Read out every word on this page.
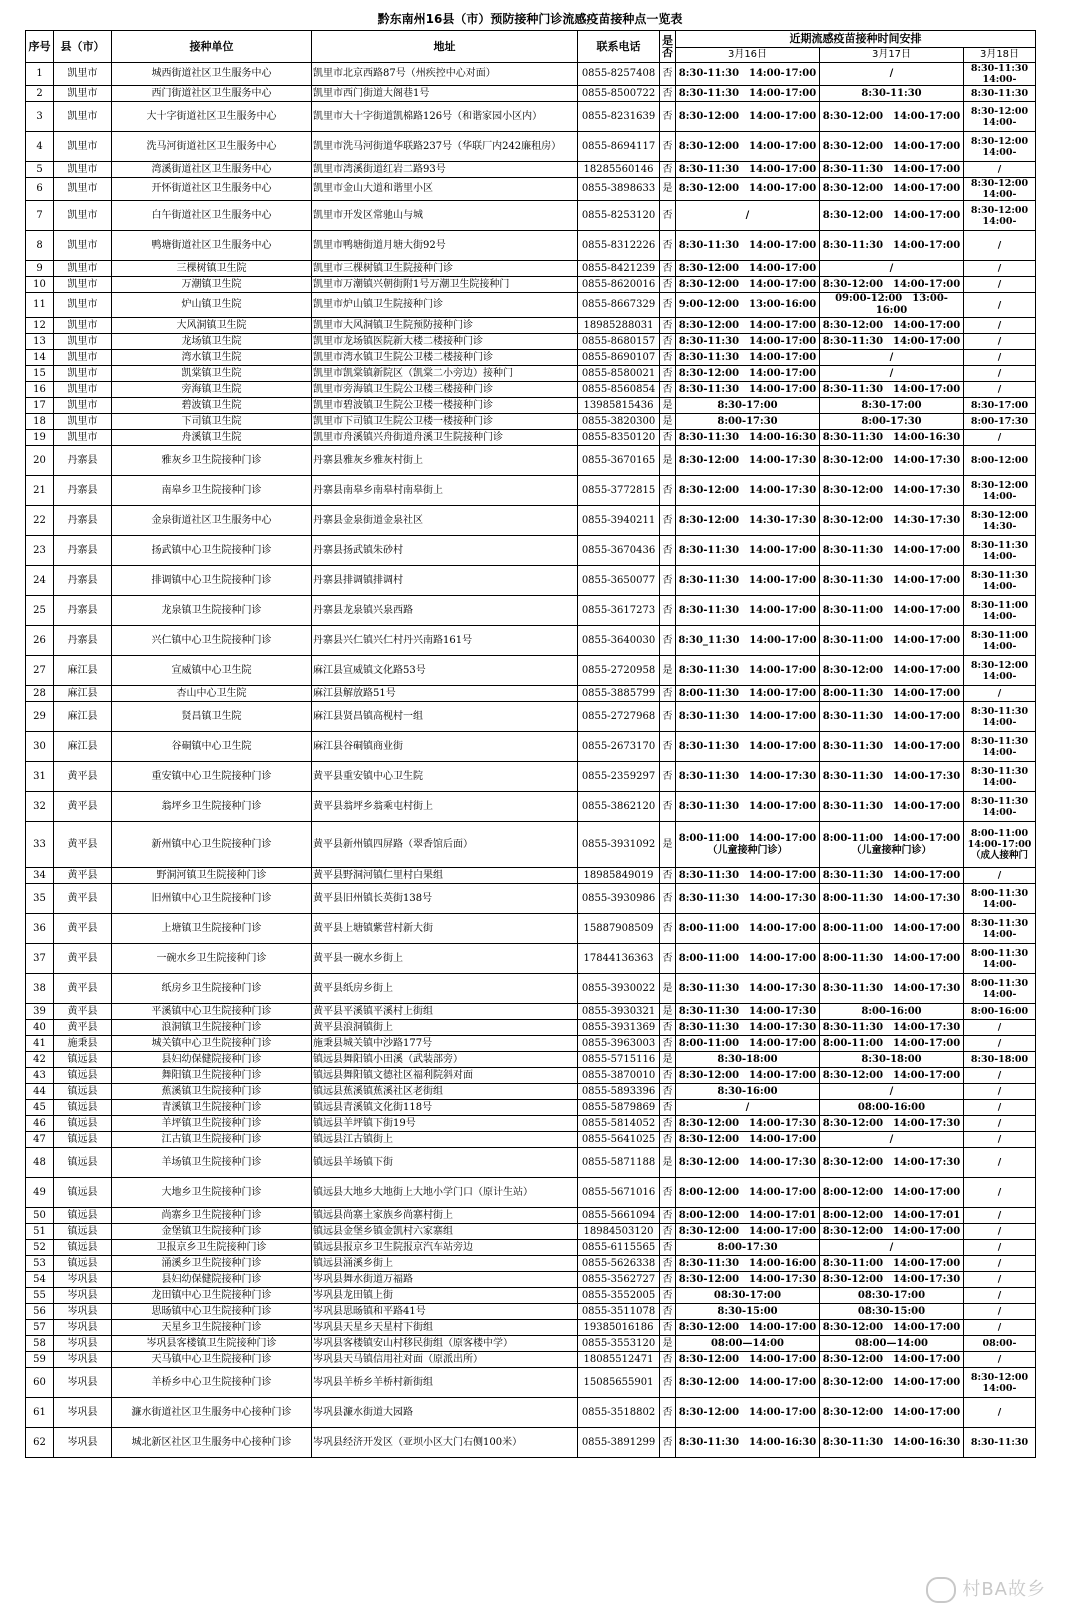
黔东南州16县（市）预防接种门诊流感疫苗接种点一览表
序号	县（市）	接种单位	地址	联系电话	是否	近期流感疫苗接种时间安排		
						3月16日	3月17日	3月18日
1	凯里市	城西街道社区卫生服务中心	凯里市北京西路87号（州疾控中心对面）	0855-8257408	否	8:30-11:30　14:00-17:00	/	8:30-11:30 14:00-
2	凯里市	西门街道社区卫生服务中心	凯里市西门街道大阁巷1号	0855-8500722	否	8:30-11:30　14:00-17:00	8:30-11:30	8:30-11:30
3	凯里市	大十字街道社区卫生服务中心	凯里市大十字街道凯棉路126号（和谐家园小区内）	0855-8231639	否	8:30-12:00　14:00-17:00	8:30-12:00　14:00-17:00	8:30-12:00 14:00-
4	凯里市	洗马河街道社区卫生服务中心	凯里市洗马河街道华联路237号（华联厂内242廉租房）	0855-8694117	否	8:30-12:00　14:00-17:00	8:30-12:00　14:00-17:00	8:30-12:00 14:00-
5	凯里市	湾溪街道社区卫生服务中心	凯里市湾溪街道红岩二路93号	18285560146	否	8:30-11:30　14:00-17:00	8:30-11:30　14:00-17:00	/
6	凯里市	开怀街道社区卫生服务中心	凯里市金山大道和谐里小区	0855-3898633	是	8:30-12:00　14:00-17:00	8:30-12:00　14:00-17:00	8:30-12:00 14:00-
7	凯里市	白午街道社区卫生服务中心	凯里市开发区常驰山与城	0855-8253120	否	/	8:30-12:00　14:00-17:00	8:30-12:00 14:00-
8	凯里市	鸭塘街道社区卫生服务中心	凯里市鸭塘街道月塘大街92号	0855-8312226	否	8:30-11:30　14:00-17:00	8:30-11:30　14:00-17:00	/
9	凯里市	三棵树镇卫生院	凯里市三棵树镇卫生院接种门诊	0855-8421239	否	8:30-12:00　14:00-17:00	/	/
10	凯里市	万潮镇卫生院	凯里市万潮镇兴朝街附1号万潮卫生院接种门	0855-8620016	否	8:30-12:00　14:00-17:00	8:30-12:00　14:00-17:00	/
11	凯里市	炉山镇卫生院	凯里市炉山镇卫生院接种门诊	0855-8667329	否	9:00-12:00　13:00-16:00	09:00-12:00　13:00-16:00	/
12	凯里市	大风洞镇卫生院	凯里市大风洞镇卫生院预防接种门诊	18985288031	否	8:30-12:00　14:00-17:00	8:30-12:00　14:00-17:00	/
13	凯里市	龙场镇卫生院	凯里市龙场镇医院新大楼二楼接种门诊	0855-8680157	否	8:30-11:30　14:00-17:00	8:30-11:30　14:00-17:00	/
14	凯里市	湾水镇卫生院	凯里市湾水镇卫生院公卫楼二楼接种门诊	0855-8690107	否	8:30-11:30　14:00-17:00	/	/
15	凯里市	凯棠镇卫生院	凯里市凯棠镇新院区（凯棠二小旁边）接种门	0855-8580021	否	8:30-12:00　14:00-17:00	/	/
16	凯里市	旁海镇卫生院	凯里市旁海镇卫生院公卫楼三楼接种门诊	0855-8560854	否	8:30-11:30　14:00-17:00	8:30-11:30　14:00-17:00	/
17	凯里市	碧波镇卫生院	凯里市碧波镇卫生院公卫楼一楼接种门诊	13985815436	是	8:30-17:00	8:30-17:00	8:30-17:00
18	凯里市	下司镇卫生院	凯里市下司镇卫生院公卫楼一楼接种门诊	0855-3820300	是	8:00-17:30	8:00-17:30	8:00-17:30
19	凯里市	舟溪镇卫生院	凯里市舟溪镇兴舟街道舟溪卫生院接种门诊	0855-8350120	否	8:30-11:30　14:00-16:30	8:30-11:30　14:00-16:30	/
20	丹寨县	雅灰乡卫生院接种门诊	丹寨县雅灰乡雅灰村街上	0855-3670165	是	8:30-12:00　14:00-17:30	8:30-12:00　14:00-17:30	8:00-12:00
21	丹寨县	南皋乡卫生院接种门诊	丹寨县南皋乡南皋村南皋街上	0855-3772815	否	8:30-12:00　14:00-17:30	8:30-12:00　14:00-17:30	8:30-12:00 14:00-
22	丹寨县	金泉街道社区卫生服务中心	丹寨县金泉街道金泉社区	0855-3940211	否	8:30-12:00　14:30-17:30	8:30-12:00　14:30-17:30	8:30-12:00 14:30-
23	丹寨县	扬武镇中心卫生院接种门诊	丹寨县扬武镇朱砂村	0855-3670436	否	8:30-11:30　14:00-17:00	8:30-11:30　14:00-17:00	8:30-11:30 14:00-
24	丹寨县	排调镇中心卫生院接种门诊	丹寨县排调镇排调村	0855-3650077	否	8:30-11:30　14:00-17:00	8:30-11:30　14:00-17:00	8:30-11:30 14:00-
25	丹寨县	龙泉镇卫生院接种门诊	丹寨县龙泉镇兴泉西路	0855-3617273	否	8:30-11:30　14:00-17:00	8:30-11:00　14:00-17:00	8:30-11:00 14:00-
26	丹寨县	兴仁镇中心卫生院接种门诊	丹寨县兴仁镇兴仁村丹兴南路161号	0855-3640030	否	8:30_11:30　14:00-17:00	8:30-11:00　14:00-17:00	8:30-11:00 14:00-
27	麻江县	宣威镇中心卫生院	麻江县宣威镇文化路53号	0855-2720958	是	8:30-11:30　14:00-17:00	8:30-12:00　14:00-17:00	8:30-12:00 14:00-
28	麻江县	杏山中心卫生院	麻江县解放路51号	0855-3885799	否	8:00-11:30　14:00-17:00	8:00-11:30　14:00-17:00	/
29	麻江县	贤昌镇卫生院	麻江县贤昌镇高枧村一组	0855-2727968	否	8:30-11:30　14:00-17:00	8:30-11:30　14:00-17:00	8:30-11:30 14:00-
30	麻江县	谷硐镇中心卫生院	麻江县谷硐镇商业街	0855-2673170	否	8:30-11:30　14:00-17:00	8:30-11:30　14:00-17:00	8:30-11:30 14:00-
31	黄平县	重安镇中心卫生院接种门诊	黄平县重安镇中心卫生院	0855-2359297	否	8:30-11:30　14:00-17:30	8:30-11:30　14:00-17:30	8:30-11:30 14:00-
32	黄平县	翁坪乡卫生院接种门诊	黄平县翁坪乡翁乘屯村街上	0855-3862120	否	8:30-11:30　14:00-17:00	8:30-11:30　14:00-17:00	8:30-11:30 14:00-
33	黄平县	新州镇中心卫生院接种门诊	黄平县新州镇四屏路（翠香馆后面）	0855-3931092	是	8:00-11:00　14:00-17:00（儿童接种门诊）	8:00-11:00　14:00-17:00（儿童接种门诊）	8:00-11:00 14:00-17:00（成人接种门
34	黄平县	野洞河镇卫生院接种门诊	黄平县野洞河镇仁里村白果组	18985849019	否	8:30-11:30　14:00-17:00	8:30-11:30　14:00-17:00	/
35	黄平县	旧州镇中心卫生院接种门诊	黄平县旧州镇长英街138号	0855-3930986	否	8:30-11:30　14:00-17:30	8:00-11:30　14:00-17:30	8:00-11:30 14:00-
36	黄平县	上塘镇卫生院接种门诊	黄平县上塘镇紫营村新大街	15887908509	否	8:00-11:00　14:00-17:00	8:00-11:00　14:00-17:00	8:30-11:30 14:00-
37	黄平县	一碗水乡卫生院接种门诊	黄平县一碗水乡街上	17844136363	否	8:00-11:00　14:00-17:00	8:00-11:30　14:00-17:00	8:00-11:30 14:00-
38	黄平县	纸房乡卫生院接种门诊	黄平县纸房乡街上	0855-3930022	是	8:30-11:30　14:00-17:30	8:30-11:30　14:00-17:30	8:00-11:30 14:00-
39	黄平县	平溪镇中心卫生院接种门诊	黄平县平溪镇平溪村上街组	0855-3930321	是	8:30-11:30　14:00-17:30	8:00-16:00	8:00-16:00
40	黄平县	浪洞镇卫生院接种门诊	黄平县浪洞镇街上	0855-3931369	否	8:30-11:30　14:00-17:30	8:30-11:30　14:00-17:30	/
41	施秉县	城关镇中心卫生院接种门诊	施秉县城关镇中沙路177号	0855-3963003	否	8:00-11:00　14:00-17:00	8:00-11:00　14:00-17:00	/
42	镇远县	县妇幼保健院接种门诊	镇远县舞阳镇小田溪（武装部旁）	0855-5715116	是	8:30-18:00	8:30-18:00	8:30-18:00
43	镇远县	舞阳镇卫生院接种门诊	镇远县舞阳镇文德社区福利院斜对面	0855-3870010	否	8:30-12:00　14:00-17:00	8:30-12:00　14:00-17:00	/
44	镇远县	蕉溪镇卫生院接种门诊	镇远县蕉溪镇蕉溪社区老街组	0855-5893396	否	8:30-16:00	/	/
45	镇远县	青溪镇卫生院接种门诊	镇远县青溪镇文化街118号	0855-5879869	否	/	08:00-16:00	/
46	镇远县	羊坪镇卫生院接种门诊	镇远县羊坪镇下街19号	0855-5814052	否	8:30-12:00　14:00-17:30	8:30-12:00　14:00-17:30	/
47	镇远县	江古镇卫生院接种门诊	镇远县江古镇街上	0855-5641025	否	8:30-12:00　14:00-17:00	/	/
48	镇远县	羊场镇卫生院接种门诊	镇远县羊场镇下街	0855-5871188	是	8:30-12:00　14:00-17:30	8:30-12:00　14:00-17:30	/
49	镇远县	大地乡卫生院接种门诊	镇远县大地乡大地街上大地小学门口（原计生站）	0855-5671016	否	8:00-12:00　14:00-17:00	8:00-12:00　14:00-17:00	/
50	镇远县	尚寨乡卫生院接种门诊	镇远县尚寨土家族乡尚寨村街上	0855-5661094	否	8:00-12:00　14:00-17:01	8:00-12:00　14:00-17:01	/
51	镇远县	金堡镇卫生院接种门诊	镇远县金堡乡镇金凯村六家寨组	18984503120	否	8:30-12:00　14:00-17:00	8:30-12:00　14:00-17:00	/
52	镇远县	卫报京乡卫生院接种门诊	镇远县报京乡卫生院报京汽车站旁边	0855-6115565	否	8:00-17:30	/	/
53	镇远县	涌溪乡卫生院接种门诊	镇远县涌溪乡街上	0855-5626338	否	8:30-11:30　14:00-16:00	8:30-11:00　14:00-17:00	/
54	岑巩县	县妇幼保健院接种门诊	岑巩县舞水街道万福路	0855-3562727	否	8:30-12:00　14:00-17:30	8:30-12:00　14:00-17:30	/
55	岑巩县	龙田镇中心卫生院接种门诊	岑巩县龙田镇上街	0855-3552005	否	08:30-17:00	08:30-17:00	/
56	岑巩县	思旸镇中心卫生院接种门诊	岑巩县思旸镇和平路41号	0855-3511078	否	8:30-15:00	08:30-15:00	/
57	岑巩县	天星乡卫生院接种门诊	岑巩县天星乡天星村下街组	19385016186	否	8:30-12:00　14:00-17:00	8:30-12:00　14:00-17:00	/
58	岑巩县	岑巩县客楼镇卫生院接种门诊	岑巩县客楼镇安山村移民街组（原客楼中学）	0855-3553120	是	08:00—14:00	08:00—14:00	08:00-
59	岑巩县	天马镇中心卫生院接种门诊	岑巩县天马镇信用社对面（原派出所）	18085512471	否	8:30-12:00　14:00-17:00	8:30-12:00　14:00-17:00	/
60	岑巩县	羊桥乡中心卫生院接种门诊	岑巩县羊桥乡羊桥村新街组	15085655901	否	8:30-12:00　14:00-17:00	8:30-12:00　14:00-17:00	8:30-12:00 14:00-
61	岑巩县	濂水街道社区卫生服务中心接种门诊	岑巩县濂水街道大园路	0855-3518802	否	8:30-12:00　14:00-17:00	8:30-12:00　14:00-17:00	/
62	岑巩县	城北新区社区卫生服务中心接种门诊	岑巩县经济开发区（亚坝小区大门右侧100米）	0855-3891299	否	8:30-11:30　14:00-16:30	8:30-11:30　14:00-16:30	8:30-11:30
村BA故乡
